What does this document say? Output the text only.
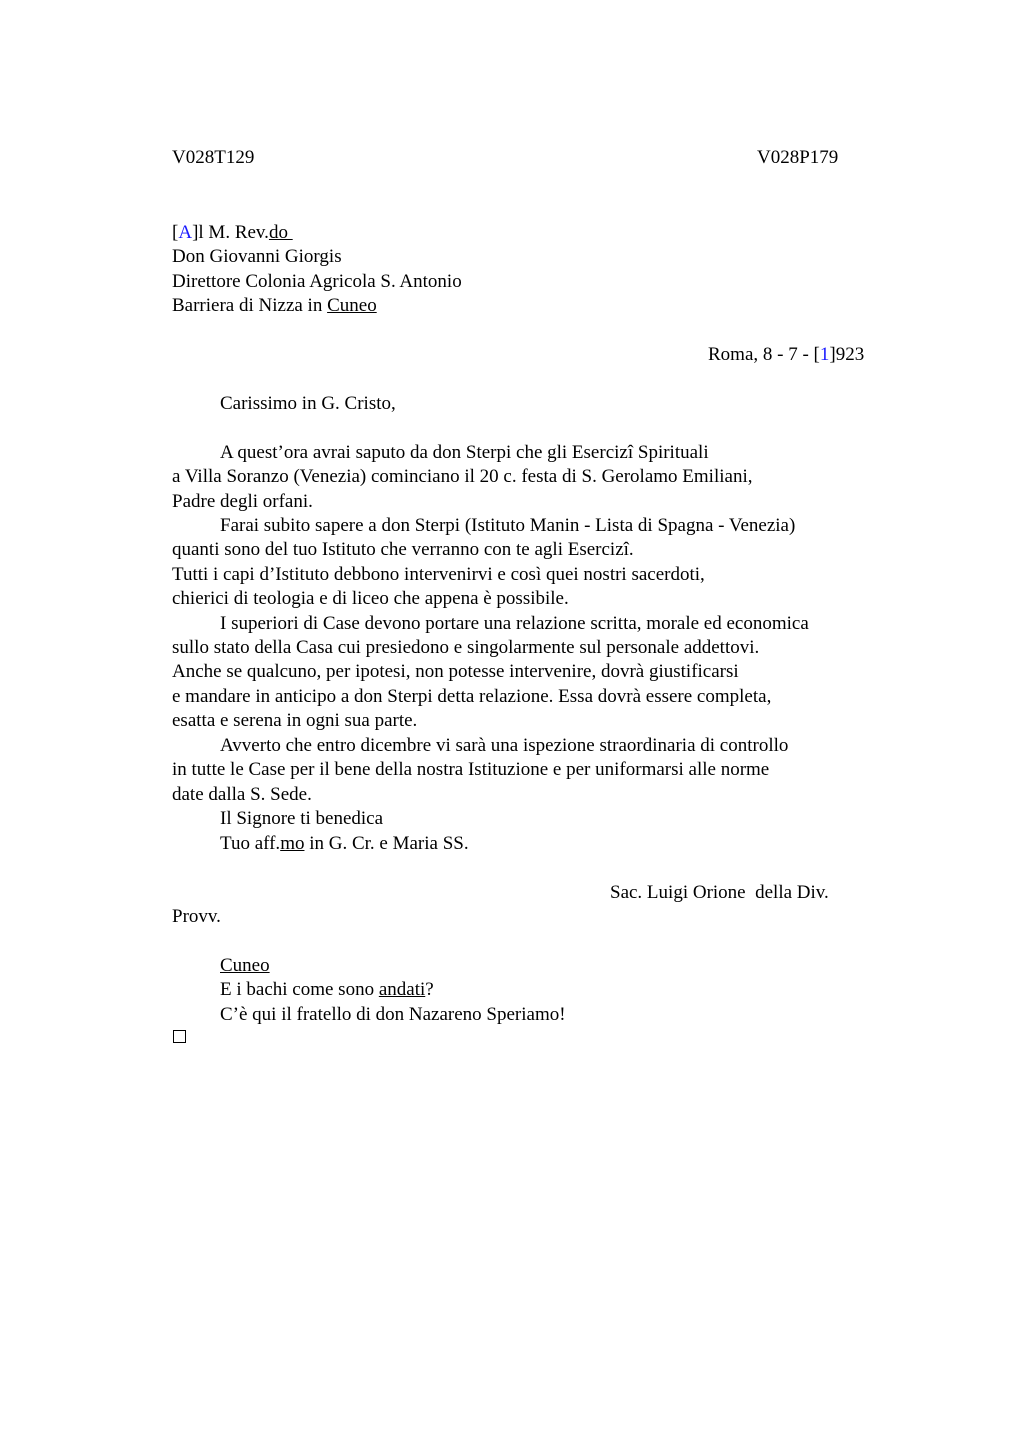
V028T129	V028P179
[A]l M. Rev.do
Don Giovanni Giorgis
Direttore Colonia Agricola S. Antonio
Barriera di Nizza in Cuneo
Roma, 8 - 7 - [1]923
Carissimo in G. Cristo,
A quest’ora avrai saputo da don Sterpi che gli Esercizi Spirituali
a Villa Soranzo (Venezia) cominciano il 20 c. festa di S. Gerolamo Emiliani,
Padre degli orfani.
Farai subito sapere a don Sterpi (Istituto Manin - Lista di Spagna - Venezia)
quanti sono del tuo Istituto che verranno con te agli Esercizi.
Tutti i capi d’Istituto debbono intervenirvi e così quei nostri sacerdoti,
chierici di teologia e di liceo che appena è possibile.
I superiori di Case devono portare una relazione scritta, morale ed economica
sullo stato della Casa cui presiedono e singolarmente sul personale addettovi.
Anche se qualcuno, per ipotesi, non potesse intervenire, dovrà giustificarsi
e mandare in anticipo a don Sterpi detta relazione. Essa dovrà essere completa,
esatta e serena in ogni sua parte.
Avverto che entro dicembre vi sarà una ispezione straordinaria di controllo
in tutte le Case per il bene della nostra Istituzione e per uniformarsi alle norme
date dalla S. Sede.
Il Signore ti benedica
Tuo aff.mo in G. Cr. e Maria SS.
Sac. Luigi Orione  della Div.
Provv.
Cuneo
E i bachi come sono andati?
C’è qui il fratello di don Nazareno Speriamo!
